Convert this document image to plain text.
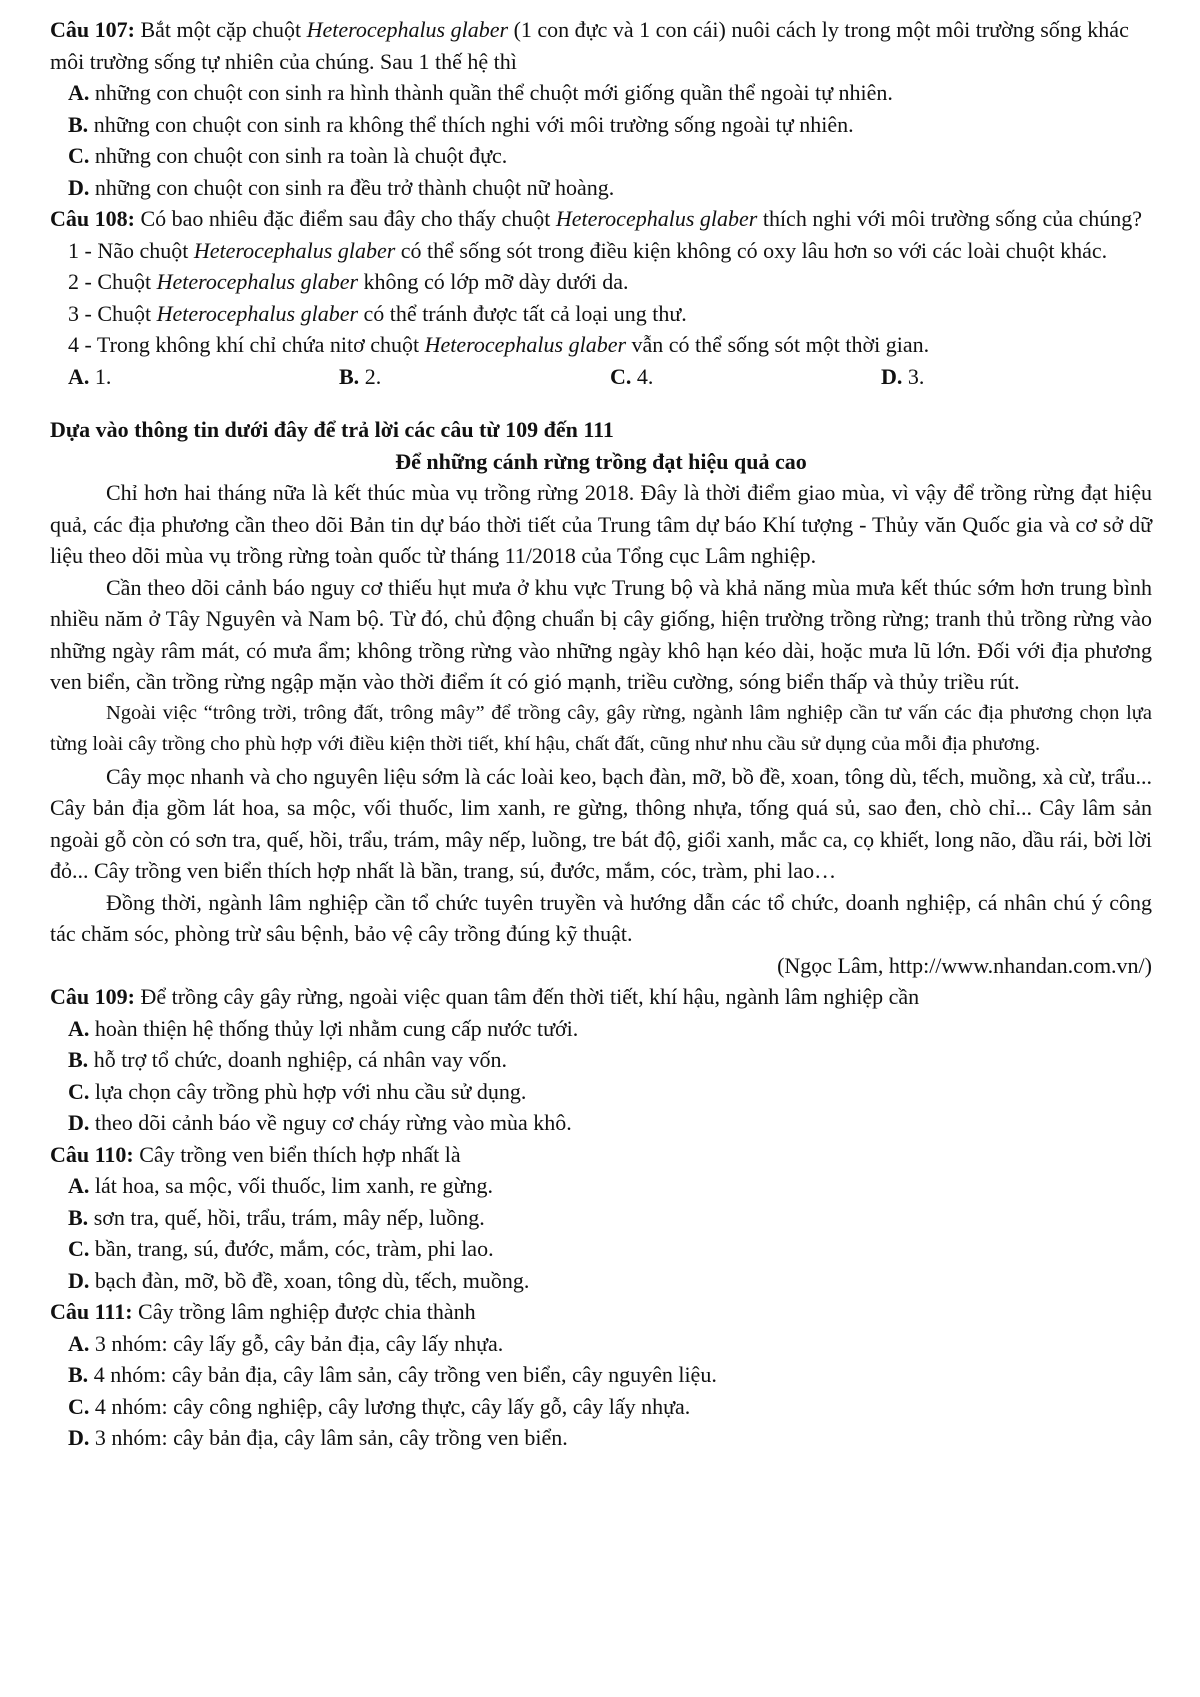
Câu 107: Bắt một cặp chuột Heterocephalus glaber (1 con đực và 1 con cái) nuôi cách ly trong một môi trường sống khác môi trường sống tự nhiên của chúng. Sau 1 thế hệ thì

A. những con chuột con sinh ra hình thành quần thể chuột mới giống quần thể ngoài tự nhiên.
B. những con chuột con sinh ra không thể thích nghi với môi trường sống ngoài tự nhiên.
C. những con chuột con sinh ra toàn là chuột đực.
D. những con chuột con sinh ra đều trở thành chuột nữ hoàng.

Câu 108: Có bao nhiêu đặc điểm sau đây cho thấy chuột Heterocephalus glaber thích nghi với môi trường sống của chúng?

1 - Não chuột Heterocephalus glaber có thể sống sót trong điều kiện không có oxy lâu hơn so với các loài chuột khác.
2 - Chuột Heterocephalus glaber không có lớp mỡ dày dưới da.
3 - Chuột Heterocephalus glaber có thể tránh được tất cả loại ung thư.
4 - Trong không khí chỉ chứa nitơ chuột Heterocephalus glaber vẫn có thể sống sót một thời gian.
A. 1.	B. 2.	C. 4.	D. 3.
Dựa vào thông tin dưới đây để trả lời các câu từ 109 đến 111
Để những cánh rừng trồng đạt hiệu quả cao

Chỉ hơn hai tháng nữa là kết thúc mùa vụ trồng rừng 2018. Đây là thời điểm giao mùa, vì vậy để trồng rừng đạt hiệu quả, các địa phương cần theo dõi Bản tin dự báo thời tiết của Trung tâm dự báo Khí tượng - Thủy văn Quốc gia và cơ sở dữ liệu theo dõi mùa vụ trồng rừng toàn quốc từ tháng 11/2018 của Tổng cục Lâm nghiệp.

Cần theo dõi cảnh báo nguy cơ thiếu hụt mưa ở khu vực Trung bộ và khả năng mùa mưa kết thúc sớm hơn trung bình nhiều năm ở Tây Nguyên và Nam bộ. Từ đó, chủ động chuẩn bị cây giống, hiện trường trồng rừng; tranh thủ trồng rừng vào những ngày râm mát, có mưa ẩm; không trồng rừng vào những ngày khô hạn kéo dài, hoặc mưa lũ lớn. Đối với địa phương ven biển, cần trồng rừng ngập mặn vào thời điểm ít có gió mạnh, triều cường, sóng biển thấp và thủy triều rút.

Ngoài việc “trông trời, trông đất, trông mây” để trồng cây, gây rừng, ngành lâm nghiệp cần tư vấn các địa phương chọn lựa từng loài cây trồng cho phù hợp với điều kiện thời tiết, khí hậu, chất đất, cũng như nhu cầu sử dụng của mỗi địa phương.

Cây mọc nhanh và cho nguyên liệu sớm là các loài keo, bạch đàn, mỡ, bồ đề, xoan, tông dù, tếch, muồng, xà cừ, trẩu... Cây bản địa gồm lát hoa, sa mộc, vối thuốc, lim xanh, re gừng, thông nhựa, tống quá sủ, sao đen, chò chỉ... Cây lâm sản ngoài gỗ còn có sơn tra, quế, hồi, trẩu, trám, mây nếp, luồng, tre bát độ, giổi xanh, mắc ca, cọ khiết, long não, dầu rái, bời lời đỏ... Cây trồng ven biển thích hợp nhất là bần, trang, sú, đước, mắm, cóc, tràm, phi lao…

Đồng thời, ngành lâm nghiệp cần tổ chức tuyên truyền và hướng dẫn các tổ chức, doanh nghiệp, cá nhân chú ý công tác chăm sóc, phòng trừ sâu bệnh, bảo vệ cây trồng đúng kỹ thuật.

(Ngọc Lâm, http://www.nhandan.com.vn/)

Câu 109: Để trồng cây gây rừng, ngoài việc quan tâm đến thời tiết, khí hậu, ngành lâm nghiệp cần

A. hoàn thiện hệ thống thủy lợi nhằm cung cấp nước tưới.
B. hỗ trợ tổ chức, doanh nghiệp, cá nhân vay vốn.
C. lựa chọn cây trồng phù hợp với nhu cầu sử dụng.
D. theo dõi cảnh báo về nguy cơ cháy rừng vào mùa khô.

Câu 110: Cây trồng ven biển thích hợp nhất là

A. lát hoa, sa mộc, vối thuốc, lim xanh, re gừng.
B. sơn tra, quế, hồi, trẩu, trám, mây nếp, luồng.
C. bần, trang, sú, đước, mắm, cóc, tràm, phi lao.
D. bạch đàn, mỡ, bồ đề, xoan, tông dù, tếch, muồng.

Câu 111: Cây trồng lâm nghiệp được chia thành

A. 3 nhóm: cây lấy gỗ, cây bản địa, cây lấy nhựa.
B. 4 nhóm: cây bản địa, cây lâm sản, cây trồng ven biển, cây nguyên liệu.
C. 4 nhóm: cây công nghiệp, cây lương thực, cây lấy gỗ, cây lấy nhựa.
D. 3 nhóm: cây bản địa, cây lâm sản, cây trồng ven biển.
